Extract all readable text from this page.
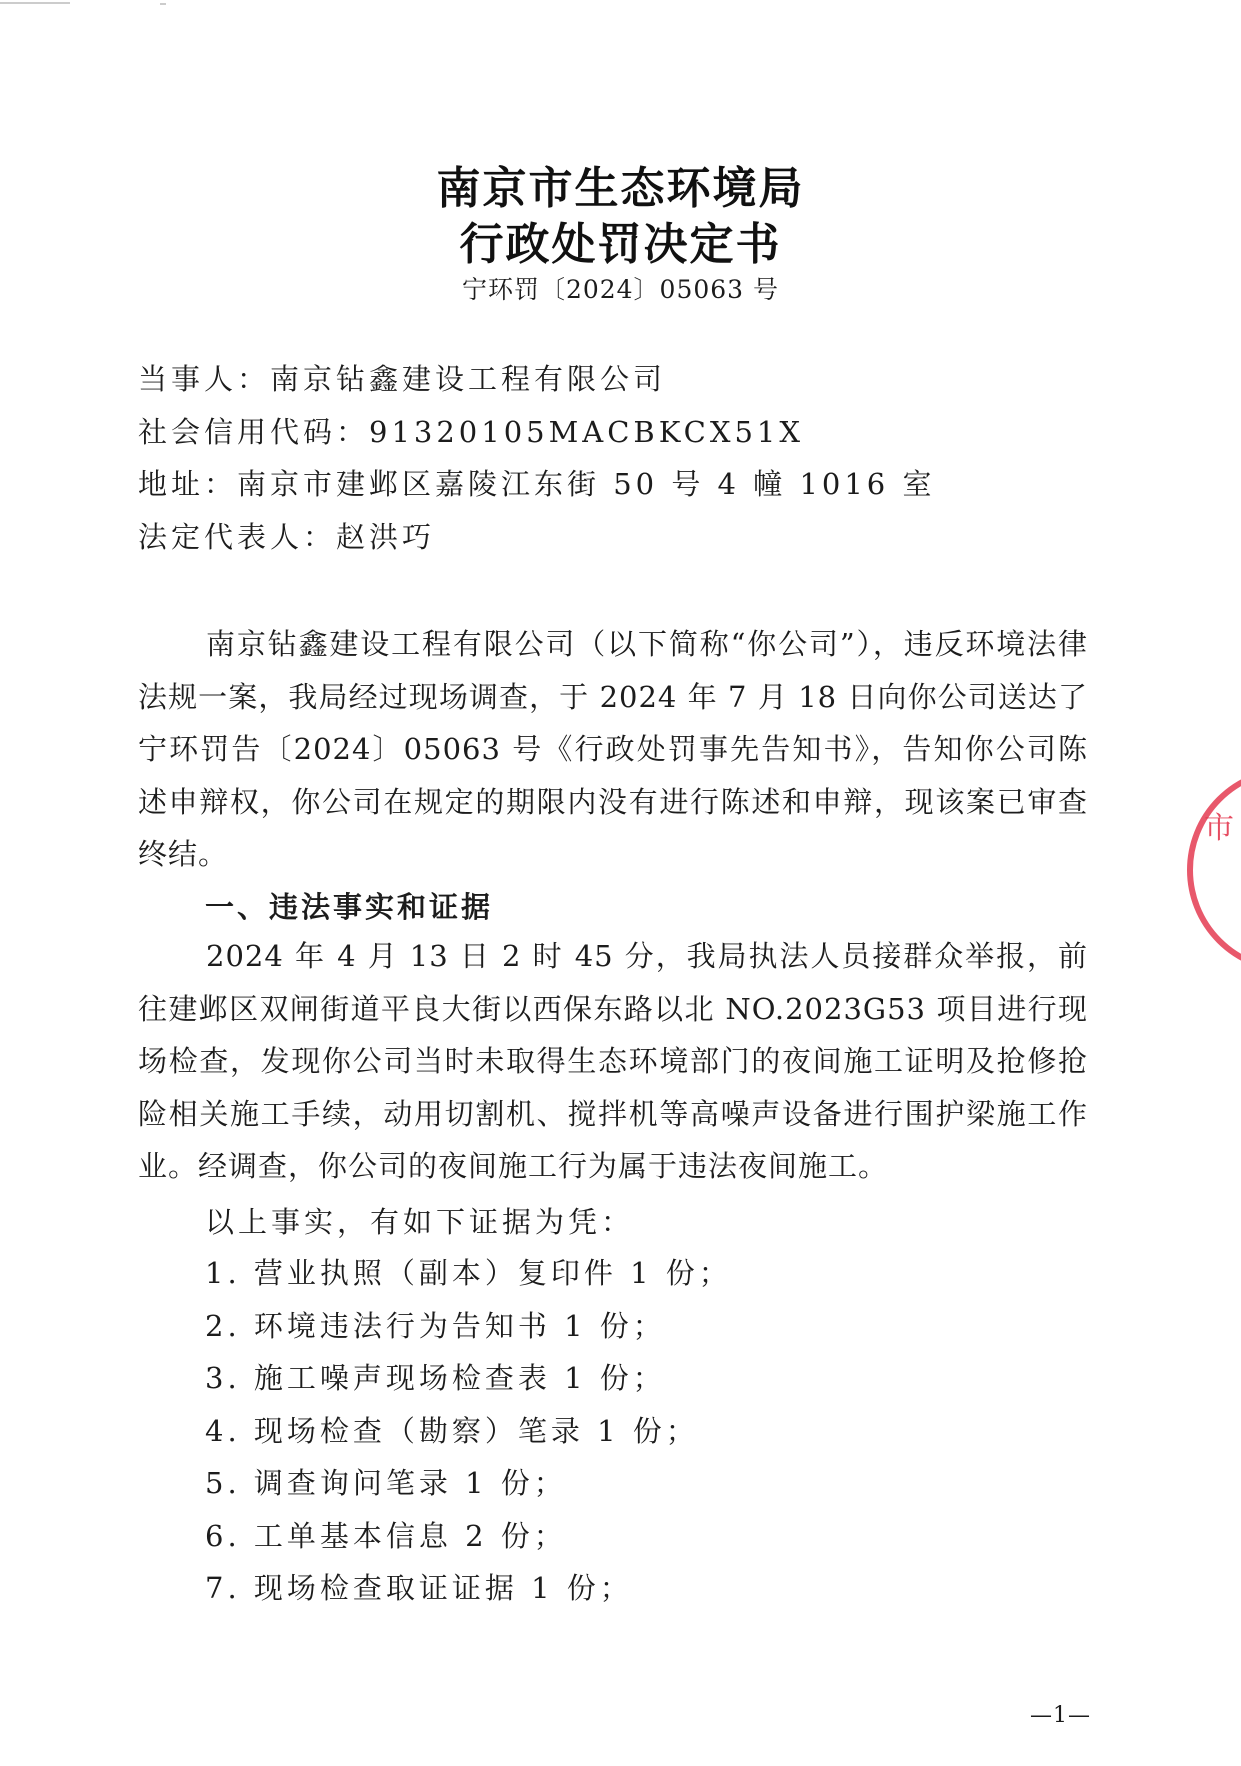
南京市生态环境局
行政处罚决定书
宁环罚〔2024〕05063 号
当事人：南京钻鑫建设工程有限公司
社会信用代码：91320105MACBKCX51X
地址：南京市建邺区嘉陵江东街 50 号 4 幢 1016 室
法定代表人：赵洪巧
南京钻鑫建设工程有限公司（以下简称“你公司”），违反环境法律法规一案，我局经过现场调查，于 2024 年 7 月 18 日向你公司送达了宁环罚告〔2024〕05063 号《行政处罚事先告知书》，告知你公司陈述申辩权，你公司在规定的期限内没有进行陈述和申辩，现该案已审查终结。
一、违法事实和证据
2024 年 4 月 13 日 2 时 45 分，我局执法人员接群众举报，前往建邺区双闸街道平良大街以西保东路以北 NO.2023G53 项目进行现场检查，发现你公司当时未取得生态环境部门的夜间施工证明及抢修抢险相关施工手续，动用切割机、搅拌机等高噪声设备进行围护梁施工作业。经调查，你公司的夜间施工行为属于违法夜间施工。
以上事实，有如下证据为凭：
1. 营业执照（副本）复印件 1 份；
2. 环境违法行为告知书 1 份；
3. 施工噪声现场检查表 1 份；
4. 现场检查（勘察）笔录 1 份；
5. 调查询问笔录 1 份；
6. 工单基本信息 2 份；
7. 现场检查取证证据 1 份；
—1—
市
